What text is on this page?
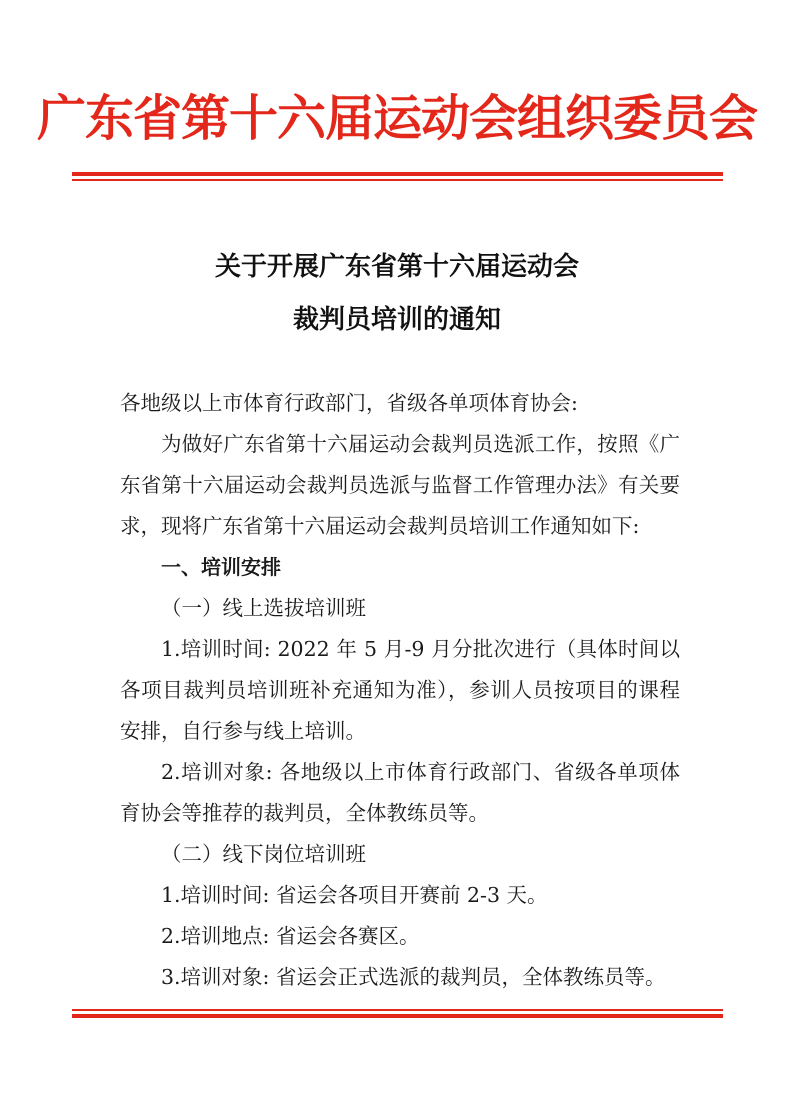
广东省第十六届运动会组织委员会
关于开展广东省第十六届运动会
裁判员培训的通知

各地级以上市体育行政部门，省级各单项体育协会:

为做好广东省第十六届运动会裁判员选派工作，按照《广东省第十六届运动会裁判员选派与监督工作管理办法》有关要求，现将广东省第十六届运动会裁判员培训工作通知如下:

一、培训安排

（一）线上选拔培训班

1.培训时间: 2022 年 5 月-9 月分批次进行（具体时间以各项目裁判员培训班补充通知为准），参训人员按项目的课程安排，自行参与线上培训。

2.培训对象: 各地级以上市体育行政部门、省级各单项体育协会等推荐的裁判员，全体教练员等。

（二）线下岗位培训班

1.培训时间: 省运会各项目开赛前 2-3 天。

2.培训地点: 省运会各赛区。

3.培训对象: 省运会正式选派的裁判员，全体教练员等。
